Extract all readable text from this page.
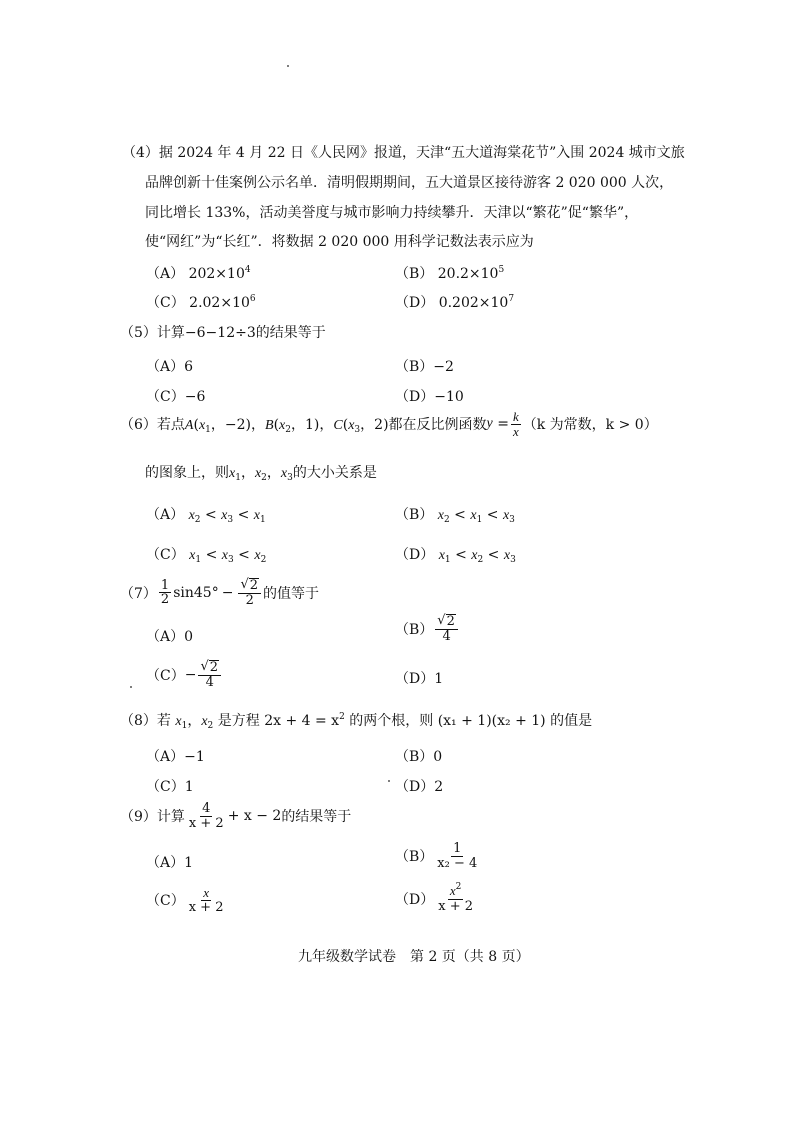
（4）据 2024 年 4 月 22 日《人民网》报道，天津“五大道海棠花节”入围 2024 城市文旅
品牌创新十佳案例公示名单．清明假期期间，五大道景区接待游客 2 020 000 人次，
同比增长 133%，活动美誉度与城市影响力持续攀升．天津以“繁花”促“繁华”，
使“网红”为“长红”．将数据 2 020 000 用科学记数法表示应为
（A） $202\times 10^4$	（B） $20.2\times 10^5$
（C） $2.02\times 10^6$	（D） $0.202\times 10^7$
（5）计算−6−12÷3的结果等于
（A）6	（B）−2
（C）−6	（D）−10
（6）若点 $A(x_1$，−2)， $B(x_2$，1)， $C(x_3$，2) 都在反比例函数 $y = \frac{k}{x} (k$ 为常数，k > 0）
的图象上，则$x_1$，$x_2$，$x_3$的大小关系是
（A） $x_2 < x_3 < x_1$	（B） $x_2 < x_1 < x_3$
（C） $x_1 < x_3 < x_2$	（D） $x_1 < x_2 < x_3$
$(7) \frac{1}{2} \sin 45^\circ - \frac{√ 2}{2}$ 的值等于
（A）0	$(B) \frac{√ 2}{4}$
$(C) - \frac{√ 2}{4}$	（D）1
（8）若 $x_1$，$x_2$ 是方程 $2x + 4 = x^2$ 的两个根，则 (x₁ + 1)(x₂ + 1) 的值是
（A）−1	（B）0
（C）1	（D）2
（9）计算 $\frac{4}{x + 2} + x - 2$ 的结果等于
（A）1	$(B) \frac{1}{\text{x₂ − 4}}$
$(C) \frac{x}{x + 2}$	$(D) \frac{x^2}{x + 2}$
九年级数学试卷　第 2 页（共 8 页）
